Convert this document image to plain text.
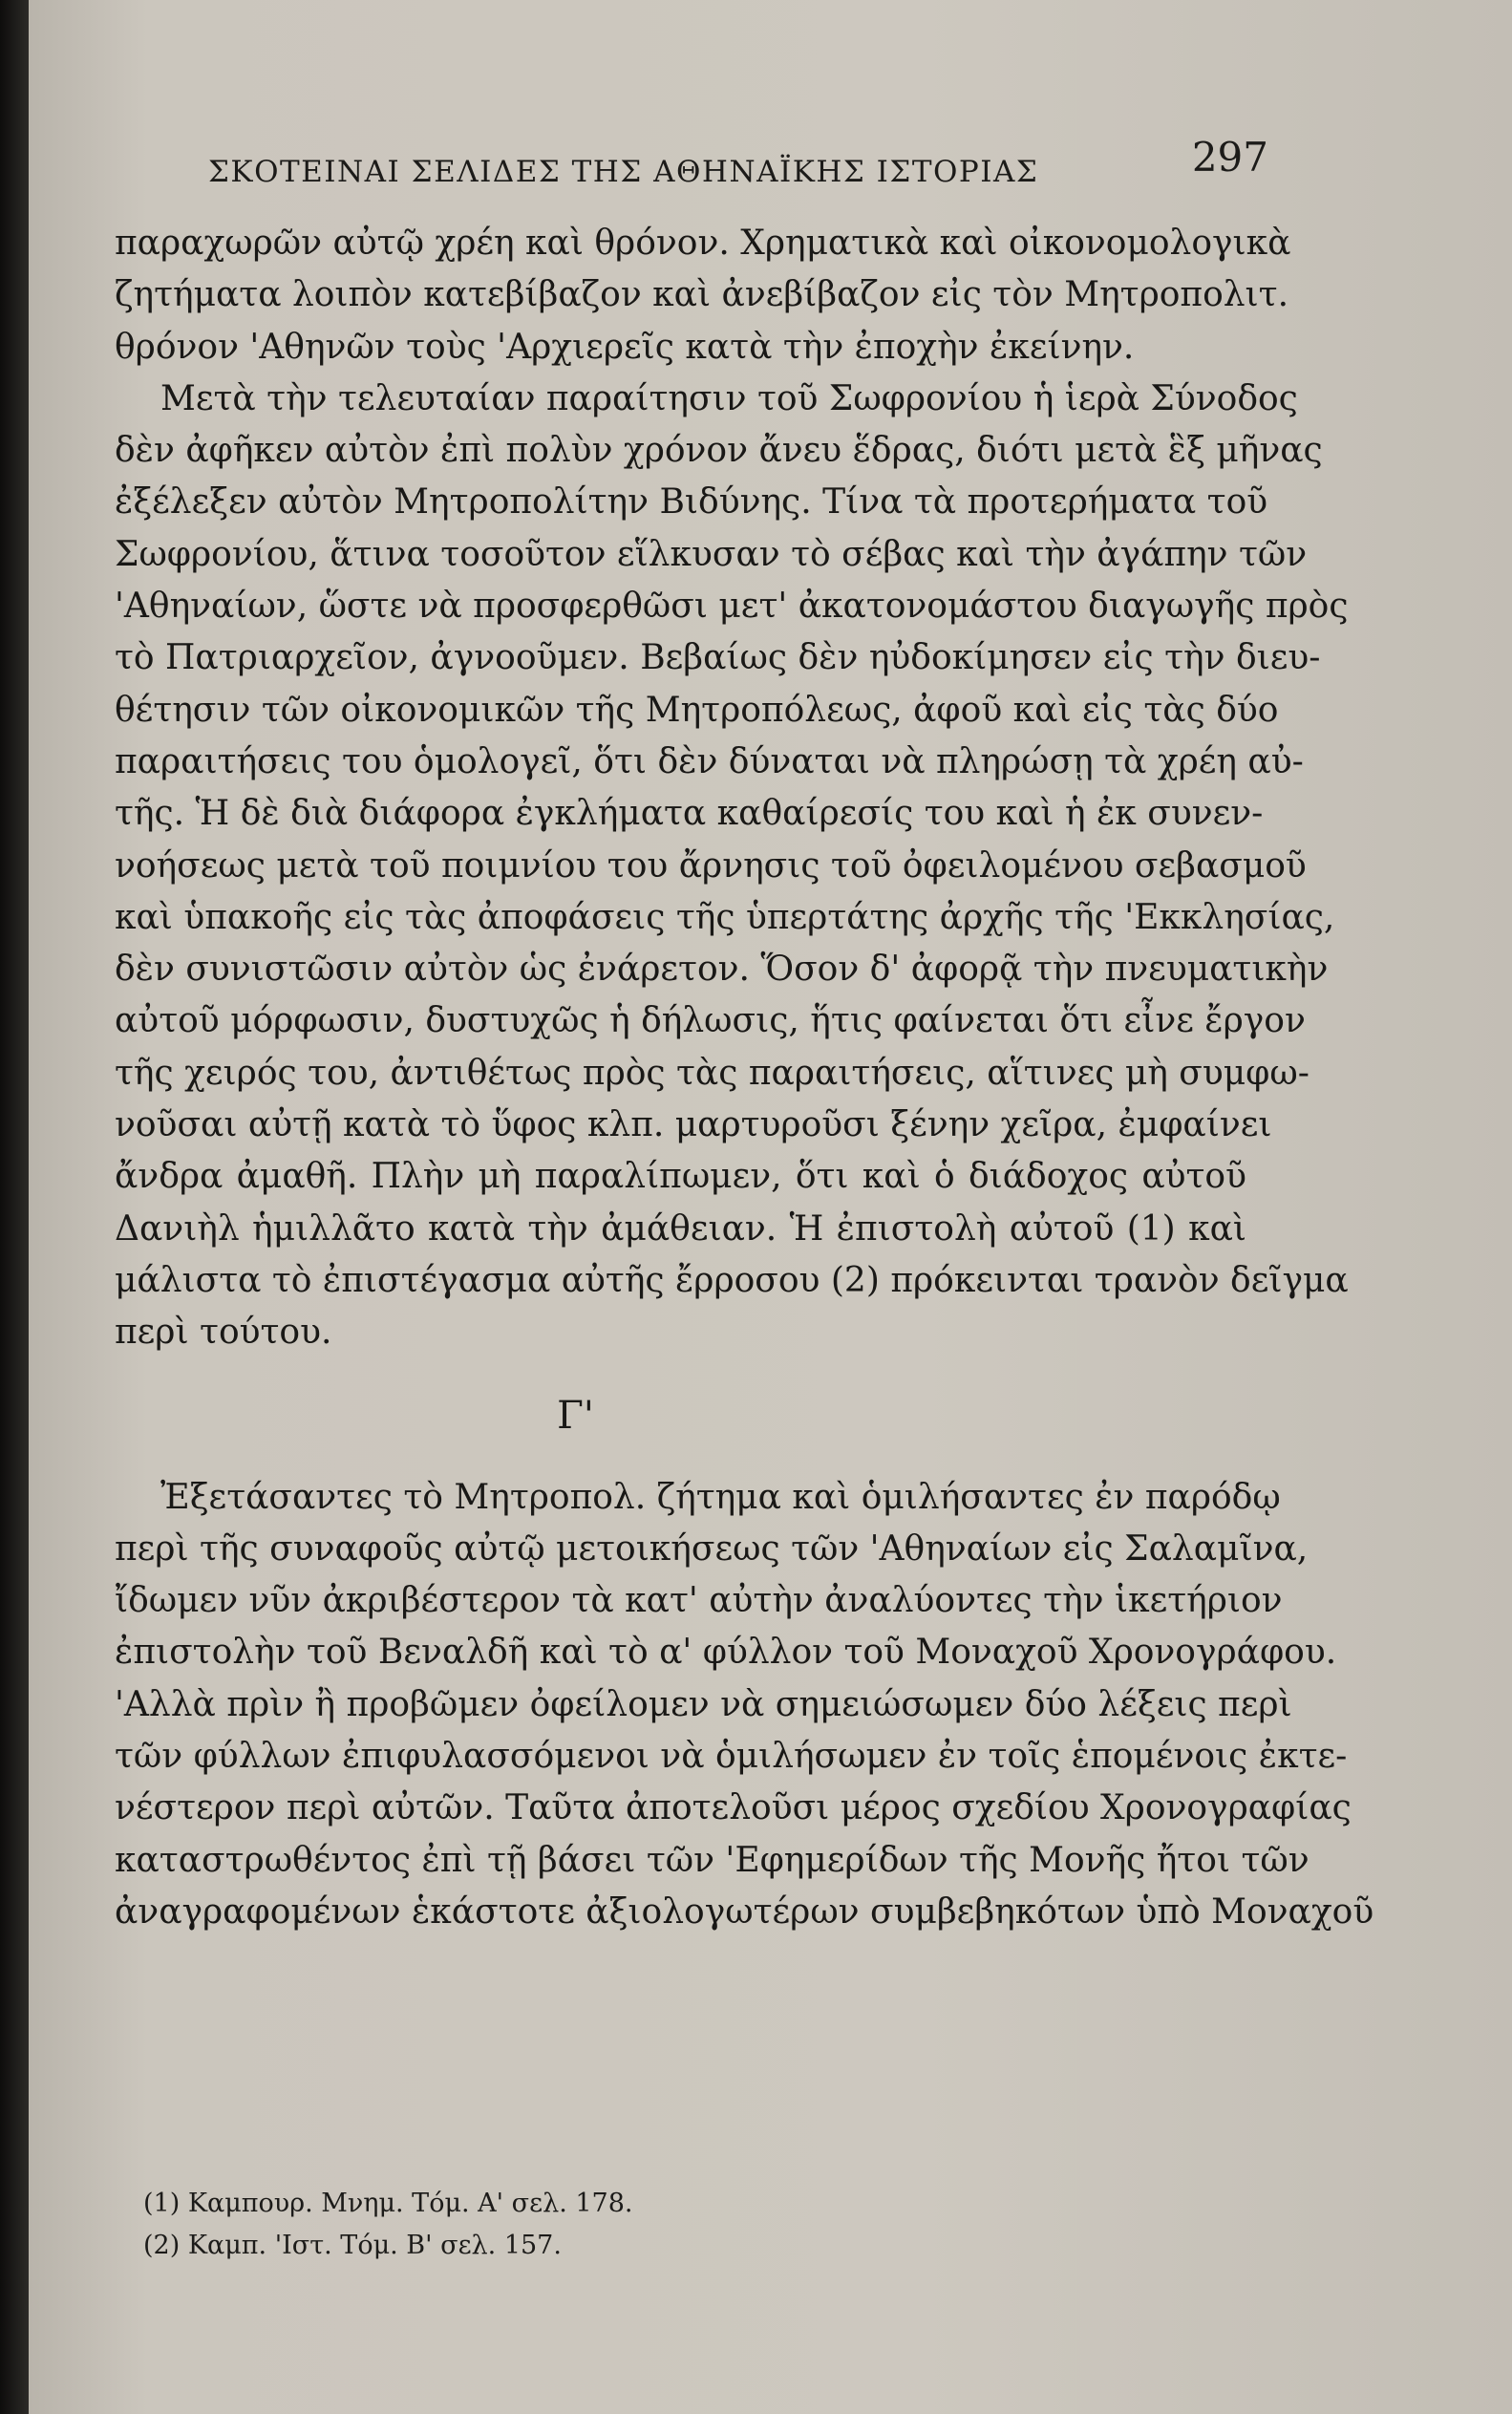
ΣΚΟΤΕΙΝΑΙ ΣΕΛΙΔΕΣ ΤΗΣ ΑΘΗΝΑΪΚΗΣ ΙΣΤΟΡΙΑΣ	297
παραχωρῶν αὐτῷ χρέη καὶ θρόνον. Χρηματικὰ καὶ οἰκονομολογικὰ
ζητήματα λοιπὸν κατεβίβαζον καὶ ἀνεβίβαζον εἰς τὸν Μητροπολιτ.
θρόνον 'Αθηνῶν τοὺς 'Αρχιερεῖς κατὰ τὴν ἐποχὴν ἐκείνην.
Μετὰ τὴν τελευταίαν παραίτησιν τοῦ Σωφρονίου ἡ ἱερὰ Σύνοδος
δὲν ἀφῆκεν αὐτὸν ἐπὶ πολὺν χρόνον ἄνευ ἕδρας, διότι μετὰ ἓξ μῆνας
ἐξέλεξεν αὐτὸν Μητροπολίτην Βιδύνης. Τίνα τὰ προτερήματα τοῦ
Σωφρονίου, ἅτινα τοσοῦτον εἵλκυσαν τὸ σέβας καὶ τὴν ἀγάπην τῶν
'Αθηναίων, ὥστε νὰ προσφερθῶσι μετ' ἀκατονομάστου διαγωγῆς πρὸς
τὸ Πατριαρχεῖον, ἀγνοοῦμεν. Βεβαίως δὲν ηὐδοκίμησεν εἰς τὴν διευ-
θέτησιν τῶν οἰκονομικῶν τῆς Μητροπόλεως, ἀφοῦ καὶ εἰς τὰς δύο
παραιτήσεις του ὁμολογεῖ, ὅτι δὲν δύναται νὰ πληρώσῃ τὰ χρέη αὐ-
τῆς. Ἡ δὲ διὰ διάφορα ἐγκλήματα καθαίρεσίς του καὶ ἡ ἐκ συνεν-
νοήσεως μετὰ τοῦ ποιμνίου του ἄρνησις τοῦ ὀφειλομένου σεβασμοῦ
καὶ ὑπακοῆς εἰς τὰς ἀποφάσεις τῆς ὑπερτάτης ἀρχῆς τῆς 'Εκκλησίας,
δὲν συνιστῶσιν αὐτὸν ὡς ἐνάρετον. Ὅσον δ' ἀφορᾷ τὴν πνευματικὴν
αὐτοῦ μόρφωσιν, δυστυχῶς ἡ δήλωσις, ἥτις φαίνεται ὅτι εἶνε ἔργον
τῆς χειρός του, ἀντιθέτως πρὸς τὰς παραιτήσεις, αἵτινες μὴ συμφω-
νοῦσαι αὐτῇ κατὰ τὸ ὕφος κλπ. μαρτυροῦσι ξένην χεῖρα, ἐμφαίνει
ἄνδρα ἀμαθῆ. Πλὴν μὴ παραλίπωμεν, ὅτι καὶ ὁ διάδοχος αὐτοῦ
Δανιὴλ ἡμιλλᾶτο κατὰ τὴν ἀμάθειαν. Ἡ ἐπιστολὴ αὐτοῦ (1) καὶ
μάλιστα τὸ ἐπιστέγασμα αὐτῆς ἔρροσου (2) πρόκεινται τρανὸν δεῖγμα
περὶ τούτου.
Γ'
Ἐξετάσαντες τὸ Μητροπολ. ζήτημα καὶ ὁμιλήσαντες ἐν παρόδῳ
περὶ τῆς συναφοῦς αὐτῷ μετοικήσεως τῶν 'Αθηναίων εἰς Σαλαμῖνα,
ἴδωμεν νῦν ἀκριβέστερον τὰ κατ' αὐτὴν ἀναλύοντες τὴν ἱκετήριον
ἐπιστολὴν τοῦ Βεναλδῆ καὶ τὸ α' φύλλον τοῦ Μοναχοῦ Χρονογράφου.
'Αλλὰ πρὶν ἢ προβῶμεν ὀφείλομεν νὰ σημειώσωμεν δύο λέξεις περὶ
τῶν φύλλων ἐπιφυλασσόμενοι νὰ ὁμιλήσωμεν ἐν τοῖς ἑπομένοις ἐκτε-
νέστερον περὶ αὐτῶν. Ταῦτα ἀποτελοῦσι μέρος σχεδίου Χρονογραφίας
καταστρωθέντος ἐπὶ τῇ βάσει τῶν 'Εφημερίδων τῆς Μονῆς ἤτοι τῶν
ἀναγραφομένων ἑκάστοτε ἀξιολογωτέρων συμβεβηκότων ὑπὸ Μοναχοῦ
(1) Καμπουρ. Μνημ. Τόμ. Α' σελ. 178.
(2) Καμπ. 'Ιστ. Τόμ. Β' σελ. 157.
